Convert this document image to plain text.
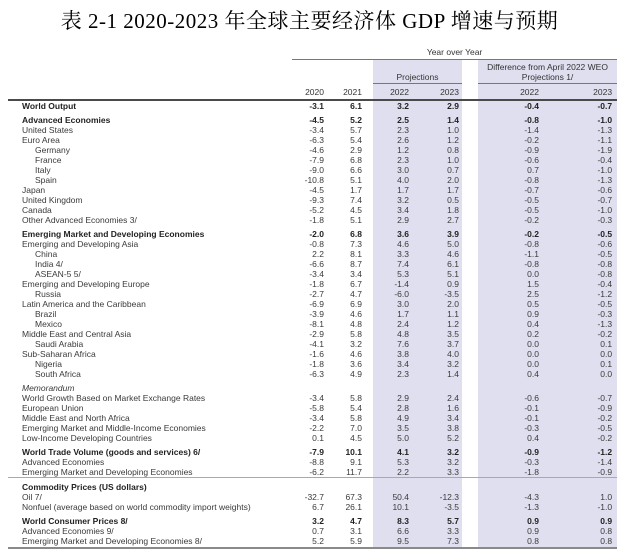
表 2-1 2020-2023 年全球主要经济体 GDP 增速与预期
	Year over Year							
				Projections			Difference from April 2022 WEO
Projections 1/	
	2020	2021		2022	2023		2022	2023
World Output	-3.1	6.1		3.2	2.9		-0.4	-0.7
Advanced Economies	-4.5	5.2		2.5	1.4		-0.8	-1.0
United States	-3.4	5.7		2.3	1.0		-1.4	-1.3
Euro Area	-6.3	5.4		2.6	1.2		-0.2	-1.1
Germany	-4.6	2.9		1.2	0.8		-0.9	-1.9
France	-7.9	6.8		2.3	1.0		-0.6	-0.4
Italy	-9.0	6.6		3.0	0.7		0.7	-1.0
Spain	-10.8	5.1		4.0	2.0		-0.8	-1.3
Japan	-4.5	1.7		1.7	1.7		-0.7	-0.6
United Kingdom	-9.3	7.4		3.2	0.5		-0.5	-0.7
Canada	-5.2	4.5		3.4	1.8		-0.5	-1.0
Other Advanced Economies 3/	-1.8	5.1		2.9	2.7		-0.2	-0.3
Emerging Market and Developing Economies	-2.0	6.8		3.6	3.9		-0.2	-0.5
Emerging and Developing Asia	-0.8	7.3		4.6	5.0		-0.8	-0.6
China	2.2	8.1		3.3	4.6		-1.1	-0.5
India 4/	-6.6	8.7		7.4	6.1		-0.8	-0.8
ASEAN-5 5/	-3.4	3.4		5.3	5.1		0.0	-0.8
Emerging and Developing Europe	-1.8	6.7		-1.4	0.9		1.5	-0.4
Russia	-2.7	4.7		-6.0	-3.5		2.5	-1.2
Latin America and the Caribbean	-6.9	6.9		3.0	2.0		0.5	-0.5
Brazil	-3.9	4.6		1.7	1.1		0.9	-0.3
Mexico	-8.1	4.8		2.4	1.2		0.4	-1.3
Middle East and Central Asia	-2.9	5.8		4.8	3.5		0.2	-0.2
Saudi Arabia	-4.1	3.2		7.6	3.7		0.0	0.1
Sub-Saharan Africa	-1.6	4.6		3.8	4.0		0.0	0.0
Nigeria	-1.8	3.6		3.4	3.2		0.0	0.1
South Africa	-6.3	4.9		2.3	1.4		0.4	0.0
Memorandum								
World Growth Based on Market Exchange Rates	-3.4	5.8		2.9	2.4		-0.6	-0.7
European Union	-5.8	5.4		2.8	1.6		-0.1	-0.9
Middle East and North Africa	-3.4	5.8		4.9	3.4		-0.1	-0.2
Emerging Market and Middle-Income Economies	-2.2	7.0		3.5	3.8		-0.3	-0.5
Low-Income Developing Countries	0.1	4.5		5.0	5.2		0.4	-0.2
World Trade Volume (goods and services) 6/	-7.9	10.1		4.1	3.2		-0.9	-1.2
Advanced Economies	-8.8	9.1		5.3	3.2		-0.3	-1.4
Emerging Market and Developing Economies	-6.2	11.7		2.2	3.3		-1.8	-0.9
Commodity Prices (US dollars)								
Oil 7/	-32.7	67.3		50.4	-12.3		-4.3	1.0
Nonfuel (average based on world commodity import weights)	6.7	26.1		10.1	-3.5		-1.3	-1.0
World Consumer Prices 8/	3.2	4.7		8.3	5.7		0.9	0.9
Advanced Economies 9/	0.7	3.1		6.6	3.3		0.9	0.8
Emerging Market and Developing Economies 8/	5.2	5.9		9.5	7.3		0.8	0.8
